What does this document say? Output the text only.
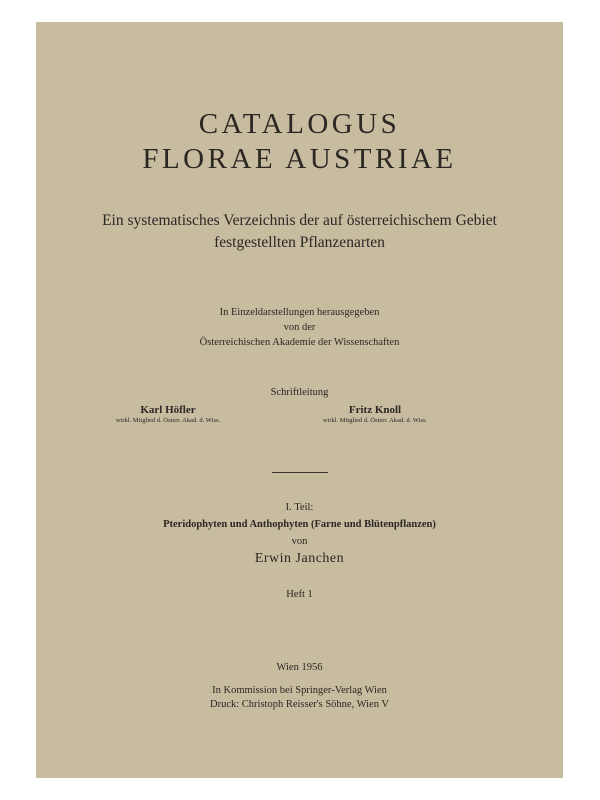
CATALOGUS
FLORAE AUSTRIAE
Ein systematisches Verzeichnis der auf österreichischem Gebiet
festgestellten Pflanzenarten
In Einzeldarstellungen herausgegeben
von der
Österreichischen Akademie der Wissenschaften
Schriftleitung
Karl Höfler
wirkl. Mitglied d. Österr. Akad. d. Wiss.
Fritz Knoll
wirkl. Mitglied d. Österr. Akad. d. Wiss.
I. Teil:
Pteridophyten und Anthophyten (Farne und Blütenpflanzen)
von
Erwin Janchen
Heft 1
Wien 1956
In Kommission bei Springer-Verlag Wien
Druck: Christoph Reisser's Söhne, Wien V
